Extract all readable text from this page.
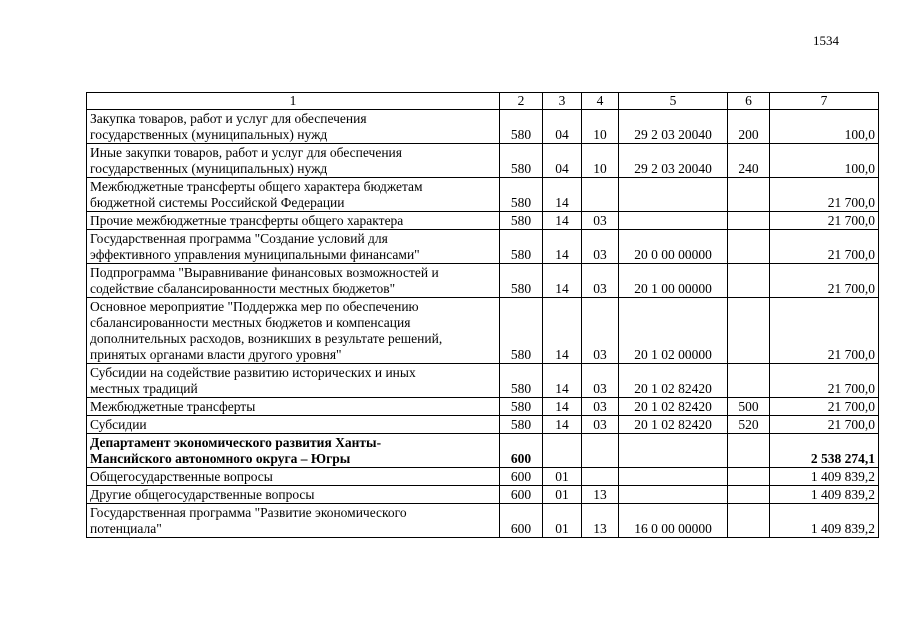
1534
1	2	3	4	5	6	7

Закупка товаров, работ и услуг для обеспечения
государственных (муниципальных) нужд	580	04	10	29 2 03 20040	200	100,0

Иные закупки товаров, работ и услуг для обеспечения
государственных (муниципальных) нужд	580	04	10	29 2 03 20040	240	100,0

Межбюджетные трансферты общего характера бюджетам
бюджетной системы Российской Федерации	580	14				21 700,0

Прочие межбюджетные трансферты общего характера	580	14	03			21 700,0

Государственная программа "Создание условий для
эффективного управления муниципальными финансами"	580	14	03	20 0 00 00000		21 700,0

Подпрограмма "Выравнивание финансовых возможностей и
содействие сбалансированности местных бюджетов"	580	14	03	20 1 00 00000		21 700,0

Основное мероприятие "Поддержка мер по обеспечению
сбалансированности местных бюджетов и компенсация
дополнительных расходов, возникших в результате решений,
принятых органами власти другого уровня"	580	14	03	20 1 02 00000		21 700,0

Субсидии на содействие развитию исторических и иных
местных традиций	580	14	03	20 1 02 82420		21 700,0

Межбюджетные трансферты	580	14	03	20 1 02 82420	500	21 700,0

Субсидии	580	14	03	20 1 02 82420	520	21 700,0

Департамент экономического развития Ханты-
Мансийского автономного округа – Югры	600					2 538 274,1

Общегосударственные вопросы	600	01				1 409 839,2

Другие общегосударственные вопросы	600	01	13			1 409 839,2

Государственная программа "Развитие экономического
потенциала"	600	01	13	16 0 00 00000		1 409 839,2
